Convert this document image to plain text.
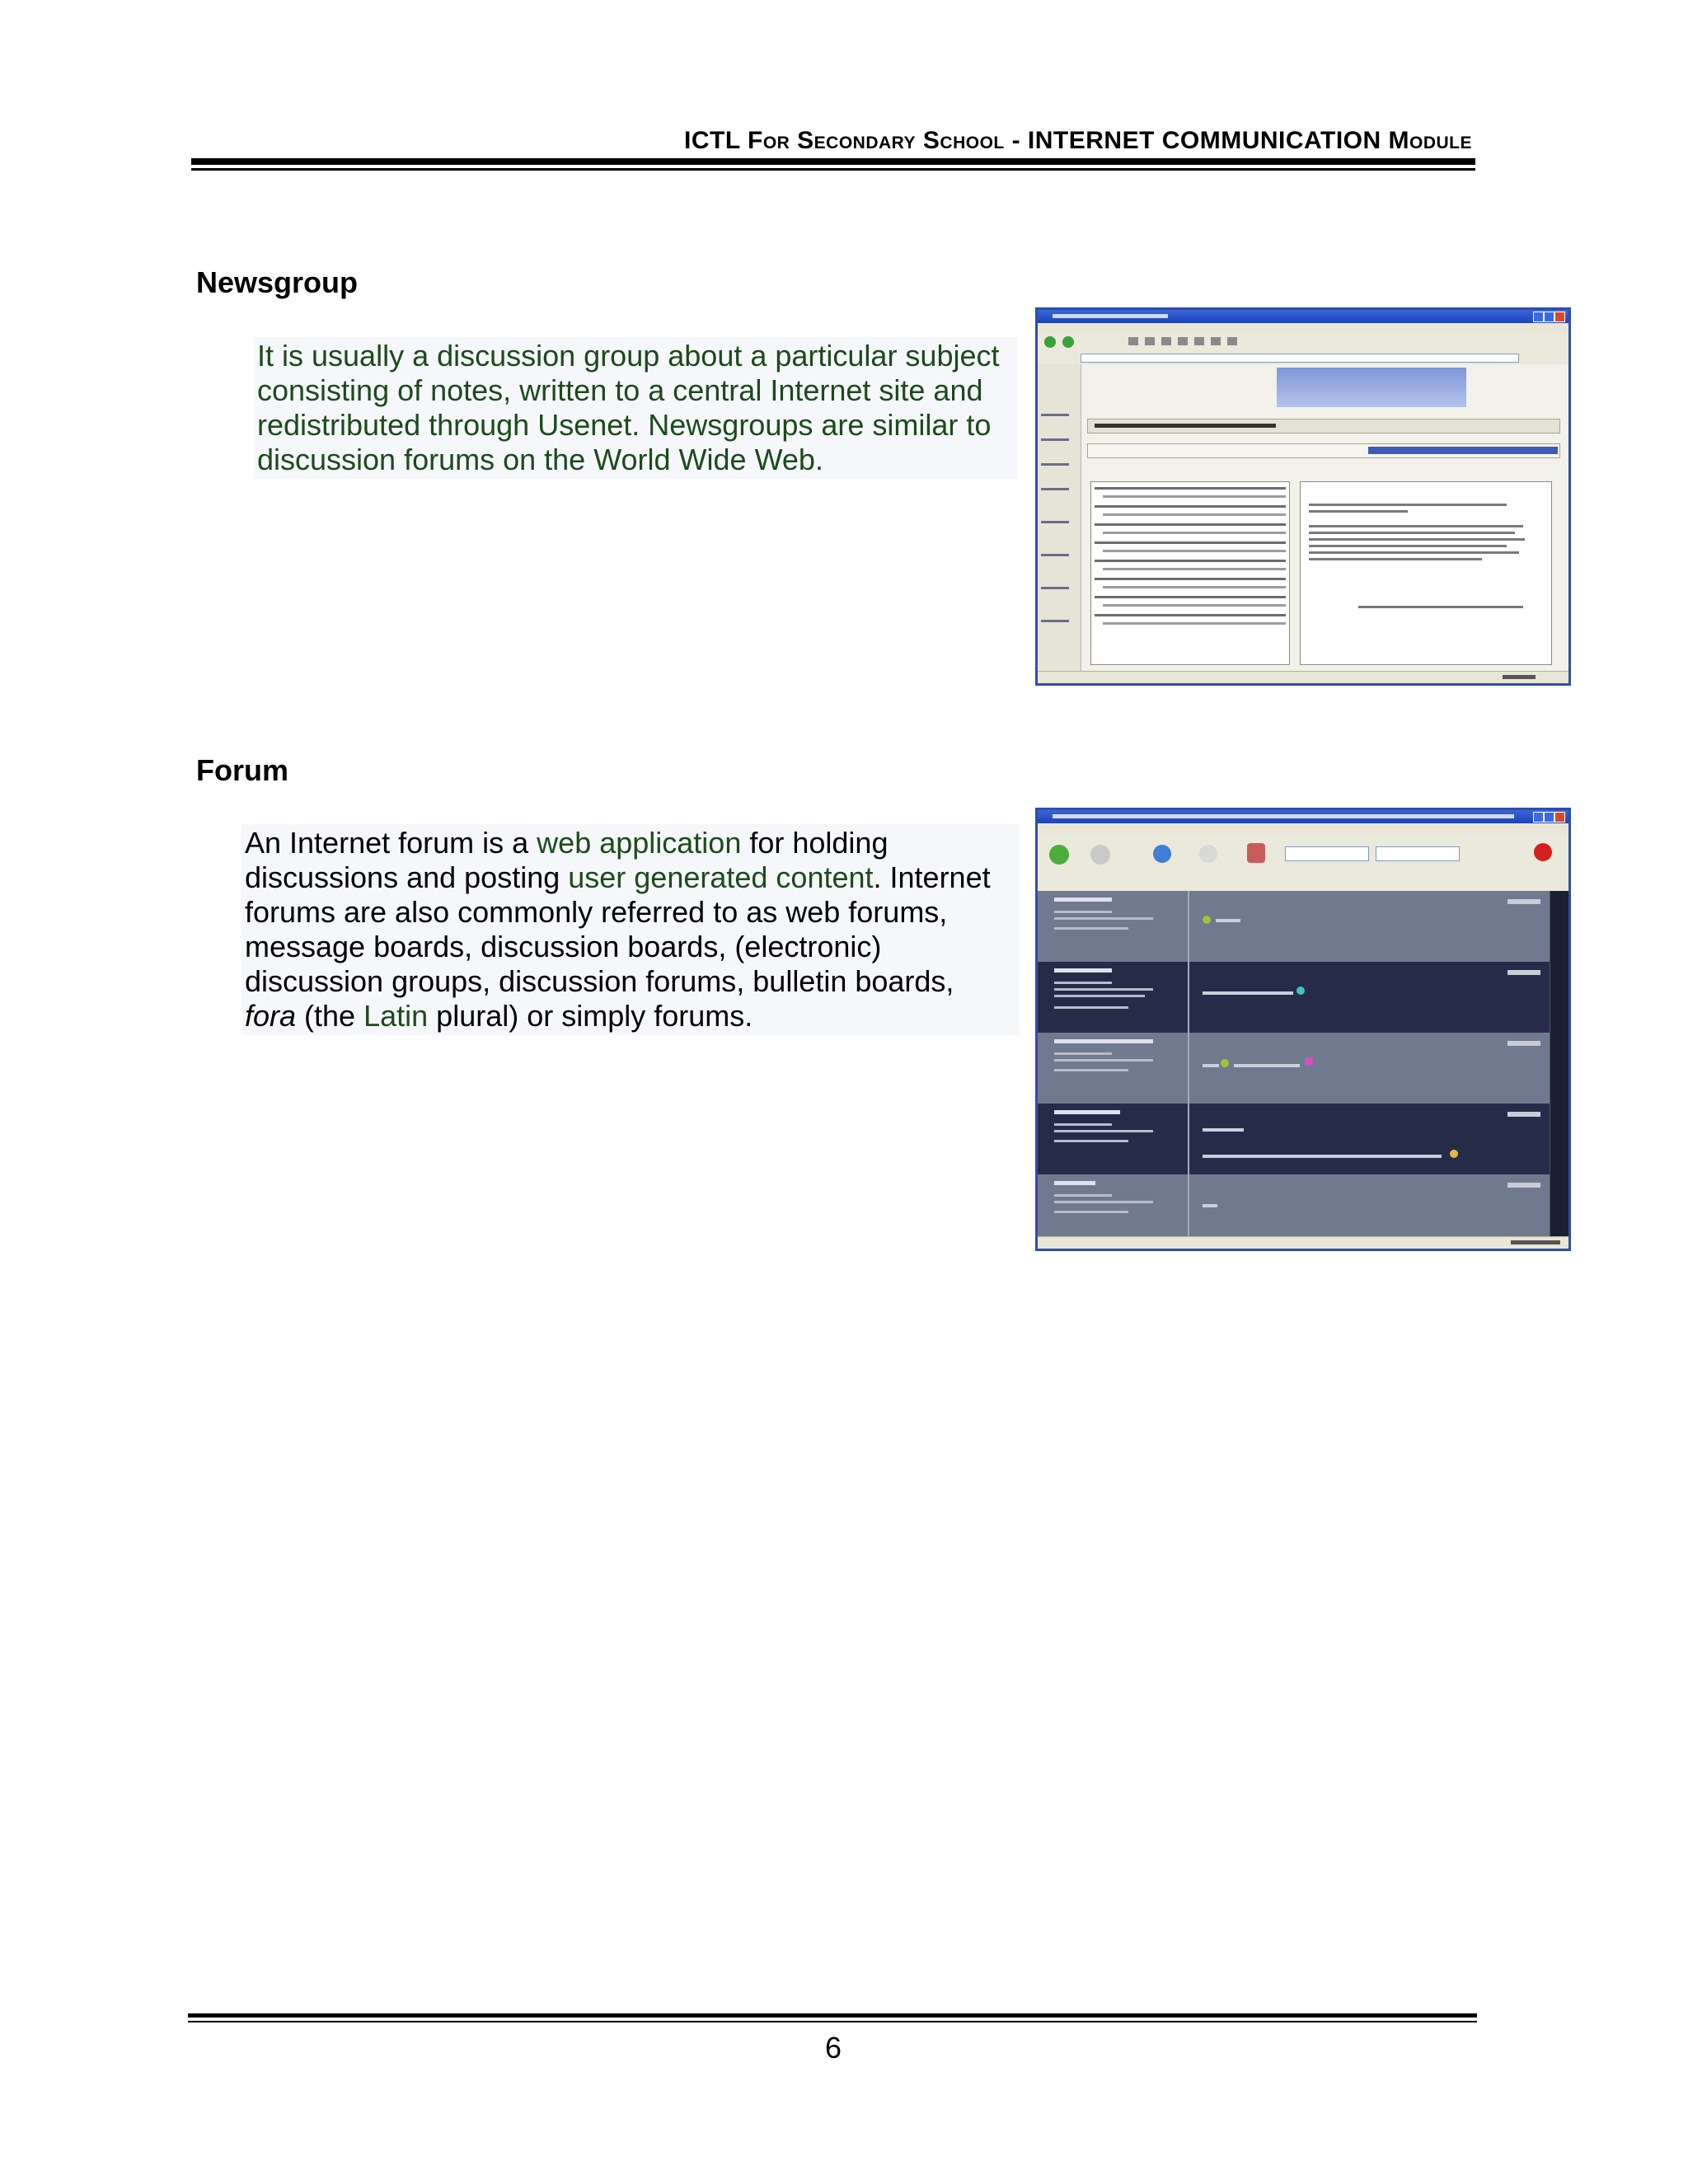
ICTL For Secondary School - INTERNET COMMUNICATION Module
Newsgroup
It is usually a discussion group about a particular subject
consisting of notes, written to a central Internet site and
redistributed through Usenet. Newsgroups are similar to
discussion forums on the World Wide Web.
Forum
An Internet forum is a web application for holding
discussions and posting user generated content. Internet
forums are also commonly referred to as web forums,
message boards, discussion boards, (electronic)
discussion groups, discussion forums, bulletin boards,
fora (the Latin plural) or simply forums.
6
